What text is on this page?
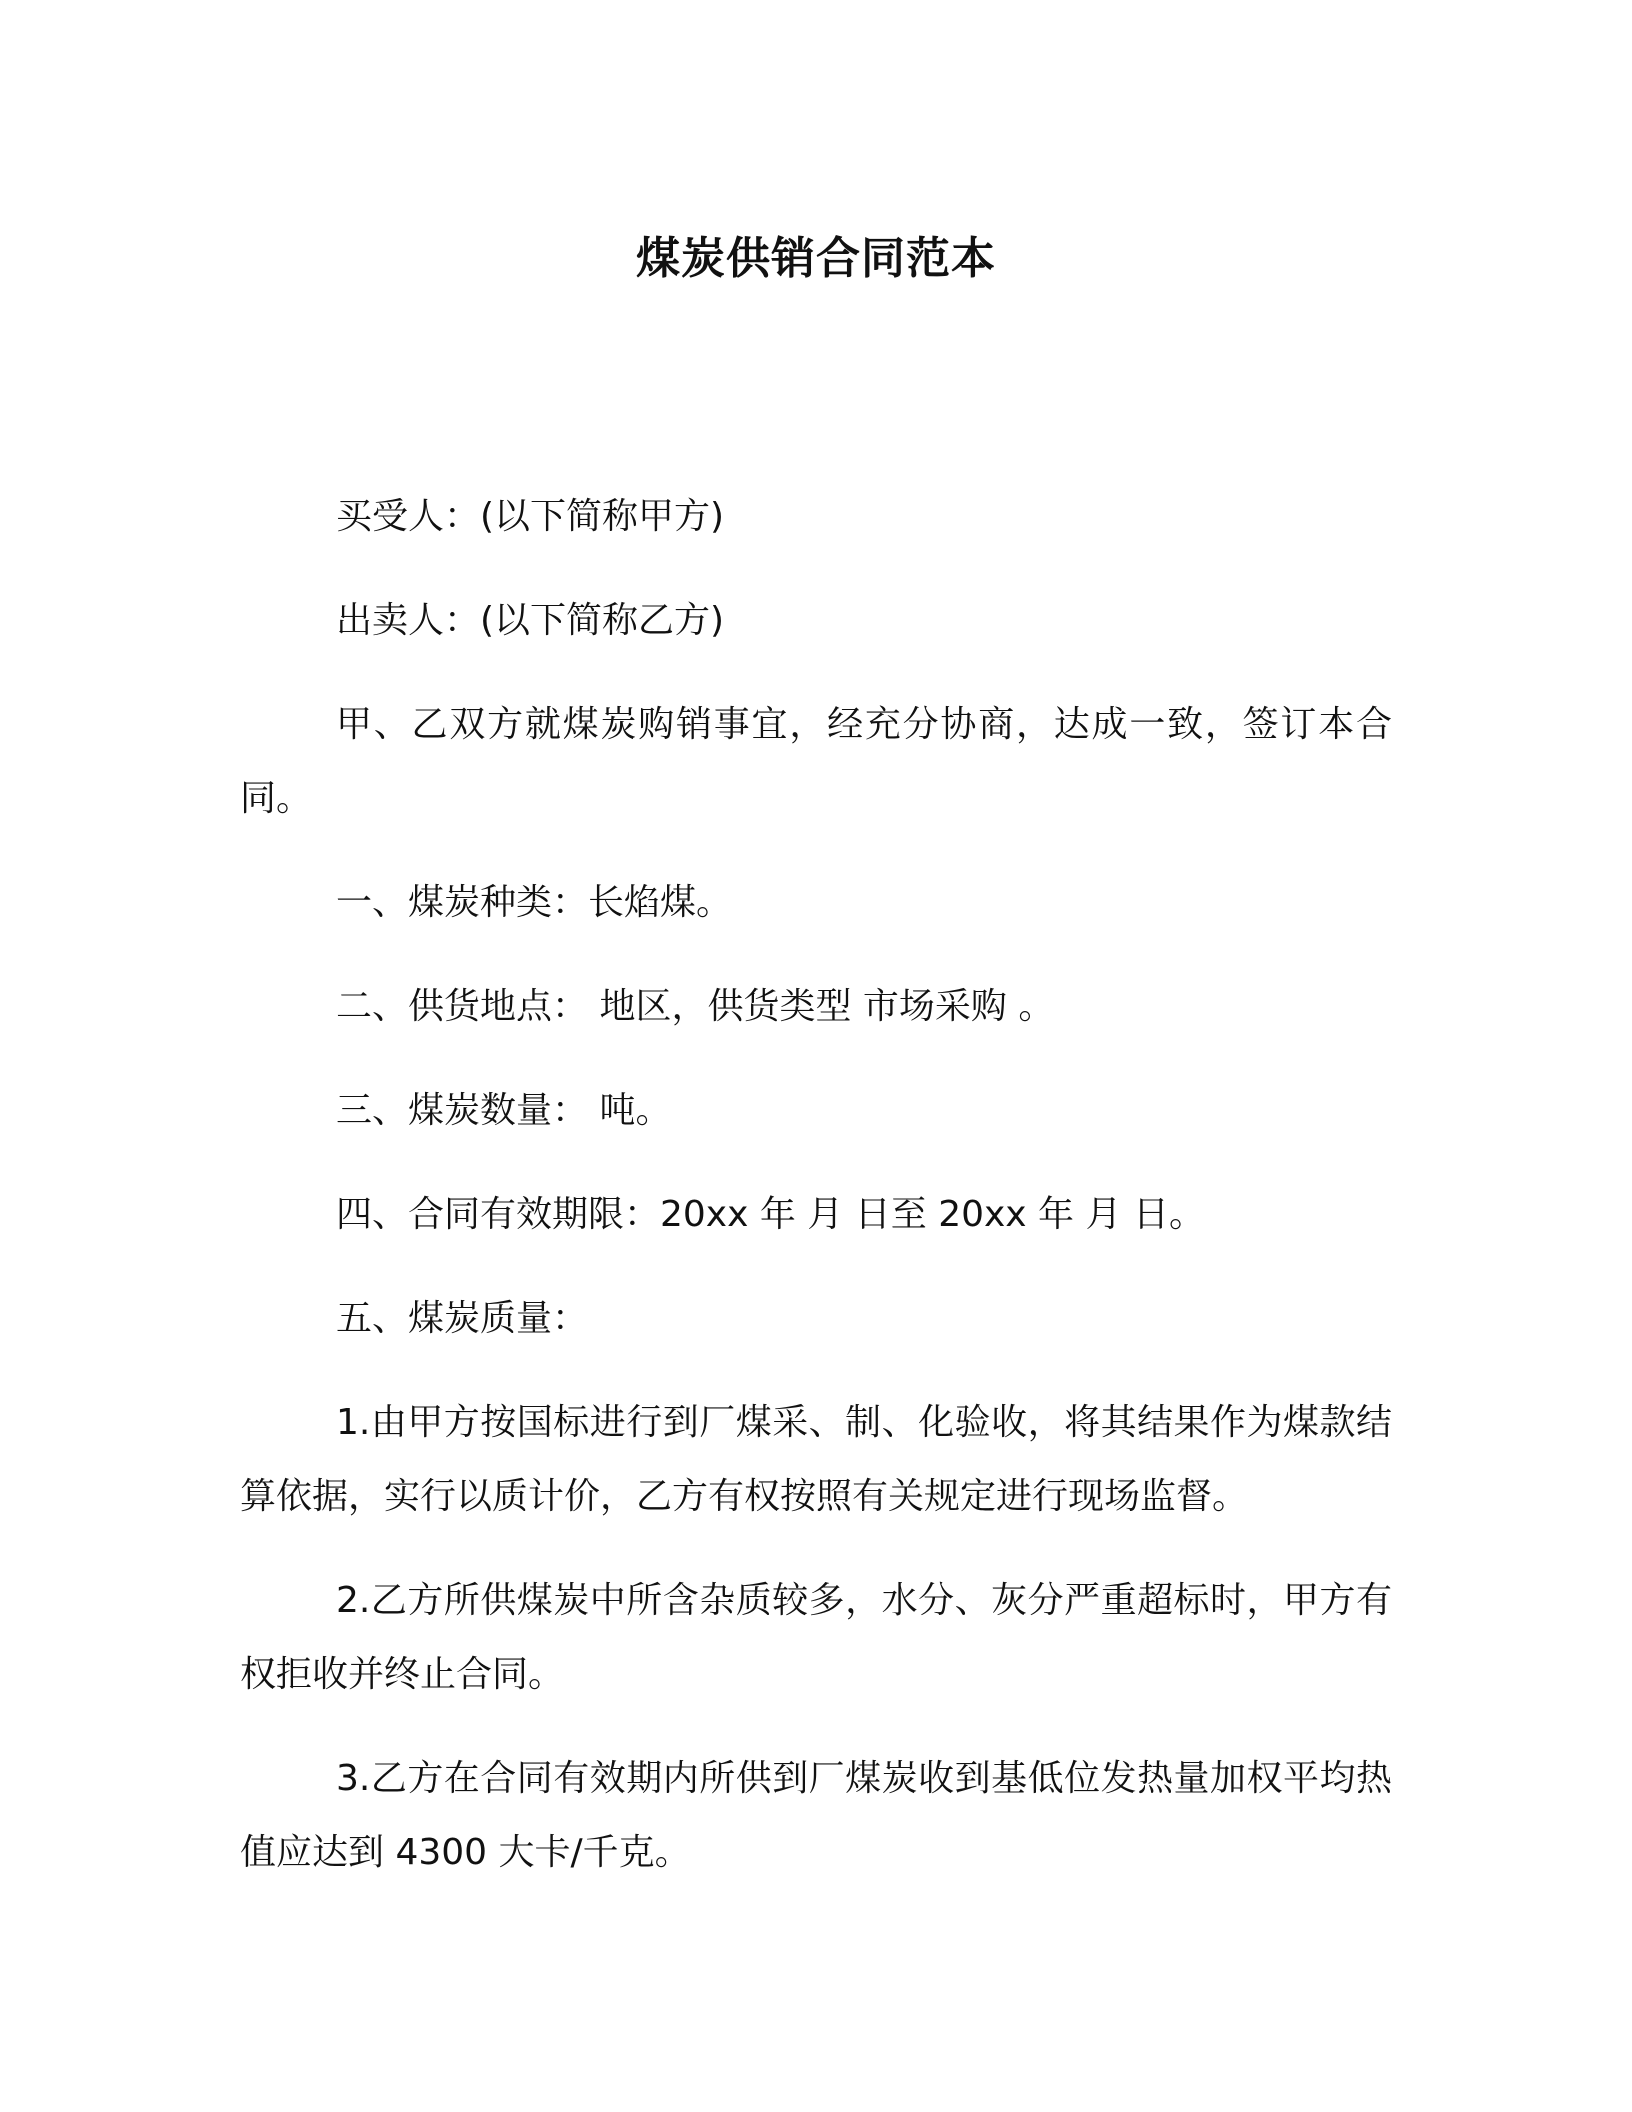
煤炭供销合同范本

买受人：(以下简称甲方)

出卖人：(以下简称乙方)

甲、乙双方就煤炭购销事宜，经充分协商，达成一致，签订本合同。

一、煤炭种类：长焰煤。

二、供货地点： 地区，供货类型 市场采购 。

三、煤炭数量： 吨。

四、合同有效期限：20xx 年 月 日至 20xx 年 月 日。

五、煤炭质量：

1.由甲方按国标进行到厂煤采、制、化验收，将其结果作为煤款结算依据，实行以质计价，乙方有权按照有关规定进行现场监督。

2.乙方所供煤炭中所含杂质较多，水分、灰分严重超标时，甲方有权拒收并终止合同。

3.乙方在合同有效期内所供到厂煤炭收到基低位发热量加权平均热值应达到 4300 大卡/千克。
